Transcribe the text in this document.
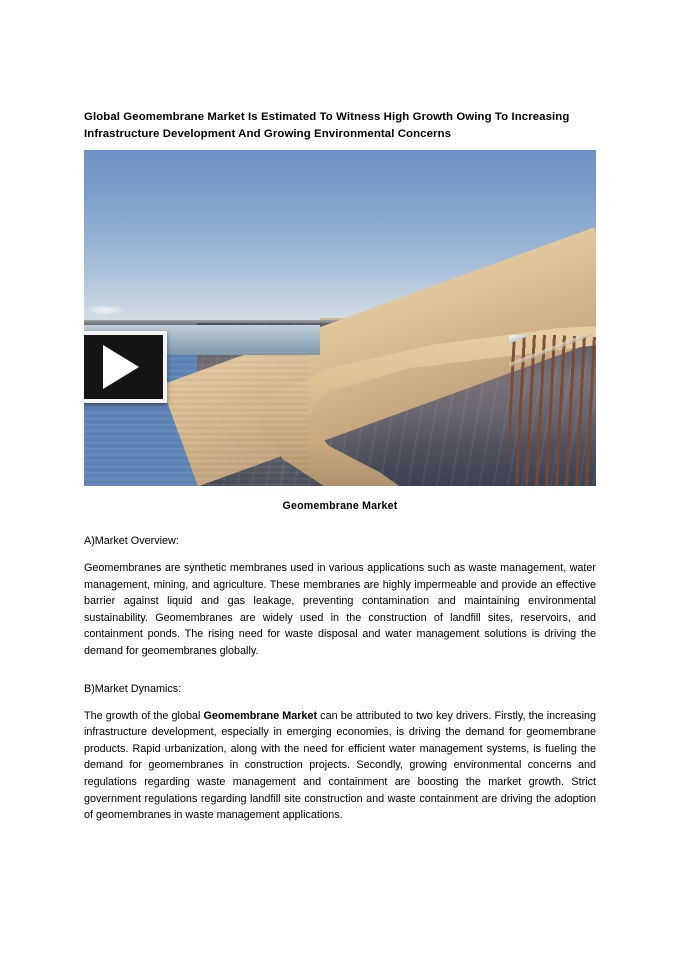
Global Geomembrane Market Is Estimated To Witness High Growth Owing To Increasing Infrastructure Development And Growing Environmental Concerns
Geomembrane Market
A)Market Overview:

Geomembranes are synthetic membranes used in various applications such as waste management, water management, mining, and agriculture. These membranes are highly impermeable and provide an effective barrier against liquid and gas leakage, preventing contamination and maintaining environmental sustainability. Geomembranes are widely used in the construction of landfill sites, reservoirs, and containment ponds. The rising need for waste disposal and water management solutions is driving the demand for geomembranes globally.

B)Market Dynamics:

The growth of the global Geomembrane Market can be attributed to two key drivers. Firstly, the increasing infrastructure development, especially in emerging economies, is driving the demand for geomembrane products. Rapid urbanization, along with the need for efficient water management systems, is fueling the demand for geomembranes in construction projects. Secondly, growing environmental concerns and regulations regarding waste management and containment are boosting the market growth. Strict government regulations regarding landfill site construction and waste containment are driving the adoption of geomembranes in waste management applications.
